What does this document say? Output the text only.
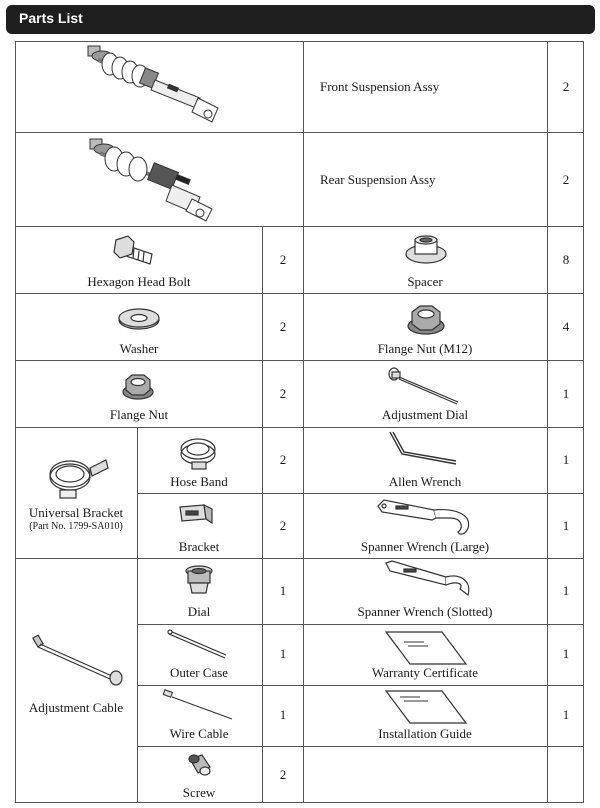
Parts List
Front Suspension Assy	2
Rear Suspension Assy	2
Hexagon Head Bolt
2
Spacer
8
Washer
2
Flange Nut (M12)
4
Flange Nut
2
Adjustment Dial
1
Universal Bracket
(Part No. 1799-SA010)
Hose Band
2
Allen Wrench
1
Bracket
2
Spanner Wrench (Large)
1
Adjustment Cable
Dial
1
Spanner Wrench (Slotted)
1
Outer Case
1
Warranty Certificate
1
Wire Cable
1
Installation Guide
1
Screw
2
